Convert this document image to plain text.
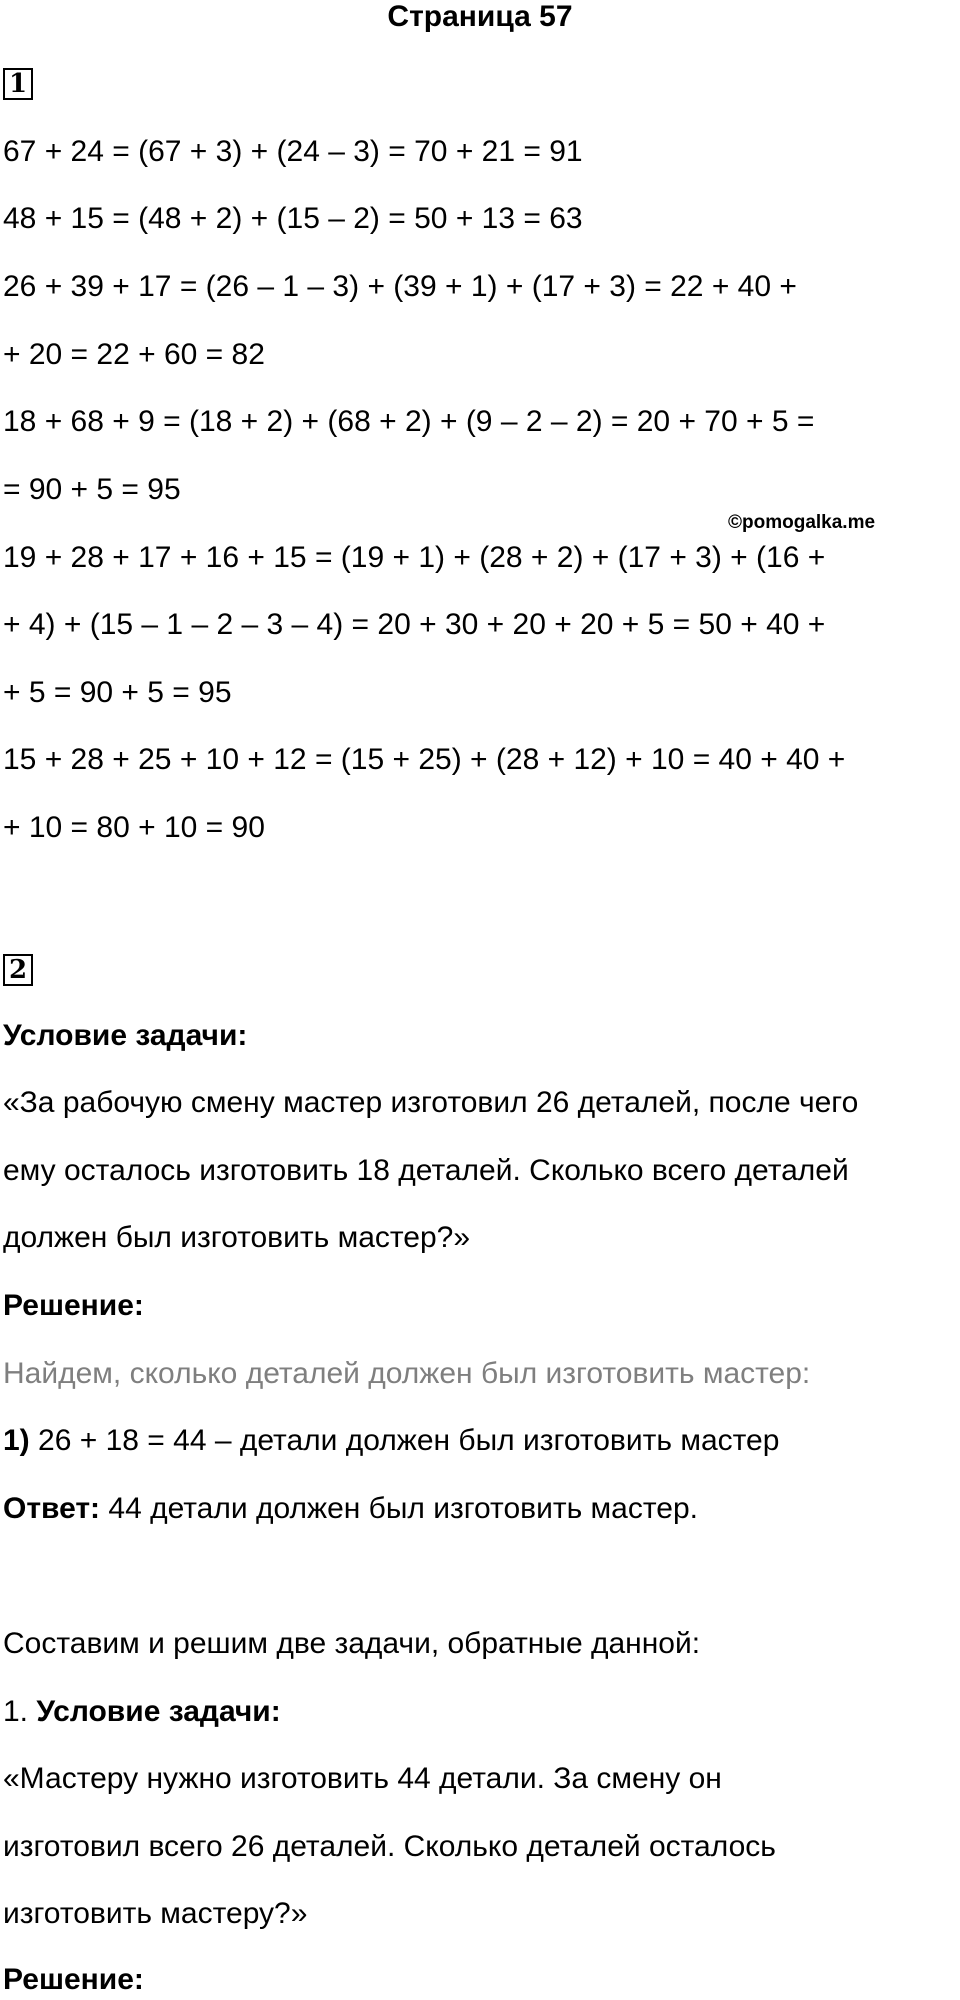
Страница 57
1
67 + 24 = (67 + 3) + (24 – 3) = 70 + 21 = 91
48 + 15 = (48 + 2) + (15 – 2) = 50 + 13 = 63
26 + 39 + 17 = (26 – 1 – 3) + (39 + 1) + (17 + 3) = 22 + 40 +
+ 20 = 22 + 60 = 82
18 + 68 + 9 = (18 + 2) + (68 + 2) + (9 – 2 – 2) = 20 + 70 + 5 =
= 90 + 5 = 95
©pomogalka.me
19 + 28 + 17 + 16 + 15 = (19 + 1) + (28 + 2) + (17 + 3) + (16 +
+ 4) + (15 – 1 – 2 – 3 – 4) = 20 + 30 + 20 + 20 + 5 = 50 + 40 +
+ 5 = 90 + 5 = 95
15 + 28 + 25 + 10 + 12 = (15 + 25) + (28 + 12) + 10 = 40 + 40 +
+ 10 = 80 + 10 = 90
2
Условие задачи:
«За рабочую смену мастер изготовил 26 деталей, после чего
ему осталось изготовить 18 деталей. Сколько всего деталей
должен был изготовить мастер?»
Решение:
Найдем, сколько деталей должен был изготовить мастер:
1) 26 + 18 = 44 – детали должен был изготовить мастер
Ответ: 44 детали должен был изготовить мастер.
Составим и решим две задачи, обратные данной:
1. Условие задачи:
«Мастеру нужно изготовить 44 детали. За смену он
изготовил всего 26 деталей. Сколько деталей осталось
изготовить мастеру?»
Решение:
